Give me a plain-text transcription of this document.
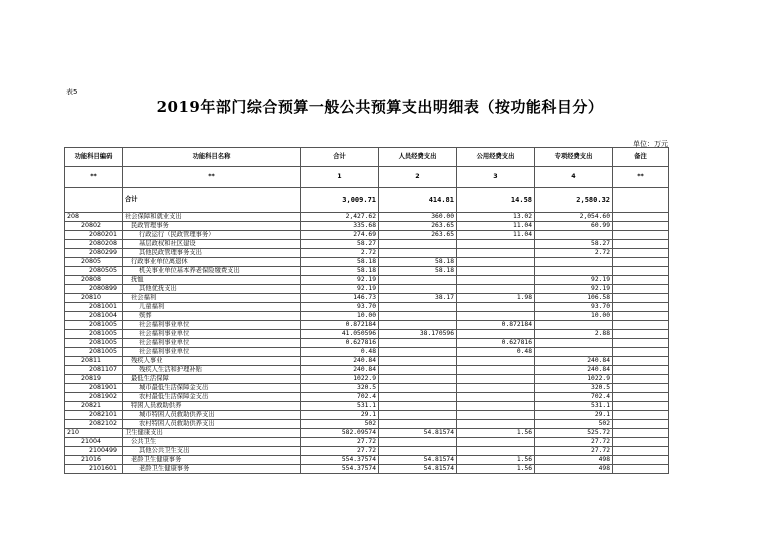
表5
2019年部门综合预算一般公共预算支出明细表（按功能科目分）
单位：万元
功能科目编码	功能科目名称	合计	人员经费支出	公用经费支出	专项经费支出	备注
**	**	1	2	3	4	**
	合计	3,009.71	414.81	14.58	2,580.32	
208	社会保障和就业支出	2,427.62	360.00	13.02	2,054.60	
20802	民政管理事务	335.68	263.65	11.04	60.99	
2080201	行政运行（民政管理事务）	274.69	263.65	11.04		
2080208	基层政权和社区建设	58.27			58.27	
2080299	其他民政管理事务支出	2.72			2.72	
20805	行政事业单位离退休	58.18	58.18			
2080505	机关事业单位基本养老保险缴费支出	58.18	58.18			
20808	抚恤	92.19			92.19	
2080899	其他优抚支出	92.19			92.19	
20810	社会福利	146.73	38.17	1.98	106.58	
2081001	儿童福利	93.70			93.70	
2081004	殡葬	10.00			10.00	
2081005	社会福利事业单位	0.872184		0.872184		
2081005	社会福利事业单位	41.050596	38.170596		2.88	
2081005	社会福利事业单位	0.627816		0.627816		
2081005	社会福利事业单位	0.48		0.48		
20811	残疾人事业	240.84			240.84	
2081107	残疾人生活和护理补贴	240.84			240.84	
20819	最低生活保障	1022.9			1022.9	
2081901	城市最低生活保障金支出	320.5			320.5	
2081902	农村最低生活保障金支出	702.4			702.4	
20821	特困人员救助供养	531.1			531.1	
2082101	城市特困人员救助供养支出	29.1			29.1	
2082102	农村特困人员救助供养支出	502			502	
210	卫生健康支出	582.09574	54.81574	1.56	525.72	
21004	公共卫生	27.72			27.72	
2100499	其他公共卫生支出	27.72			27.72	
21016	老龄卫生健康事务	554.37574	54.81574	1.56	498	
2101601	老龄卫生健康事务	554.37574	54.81574	1.56	498	
